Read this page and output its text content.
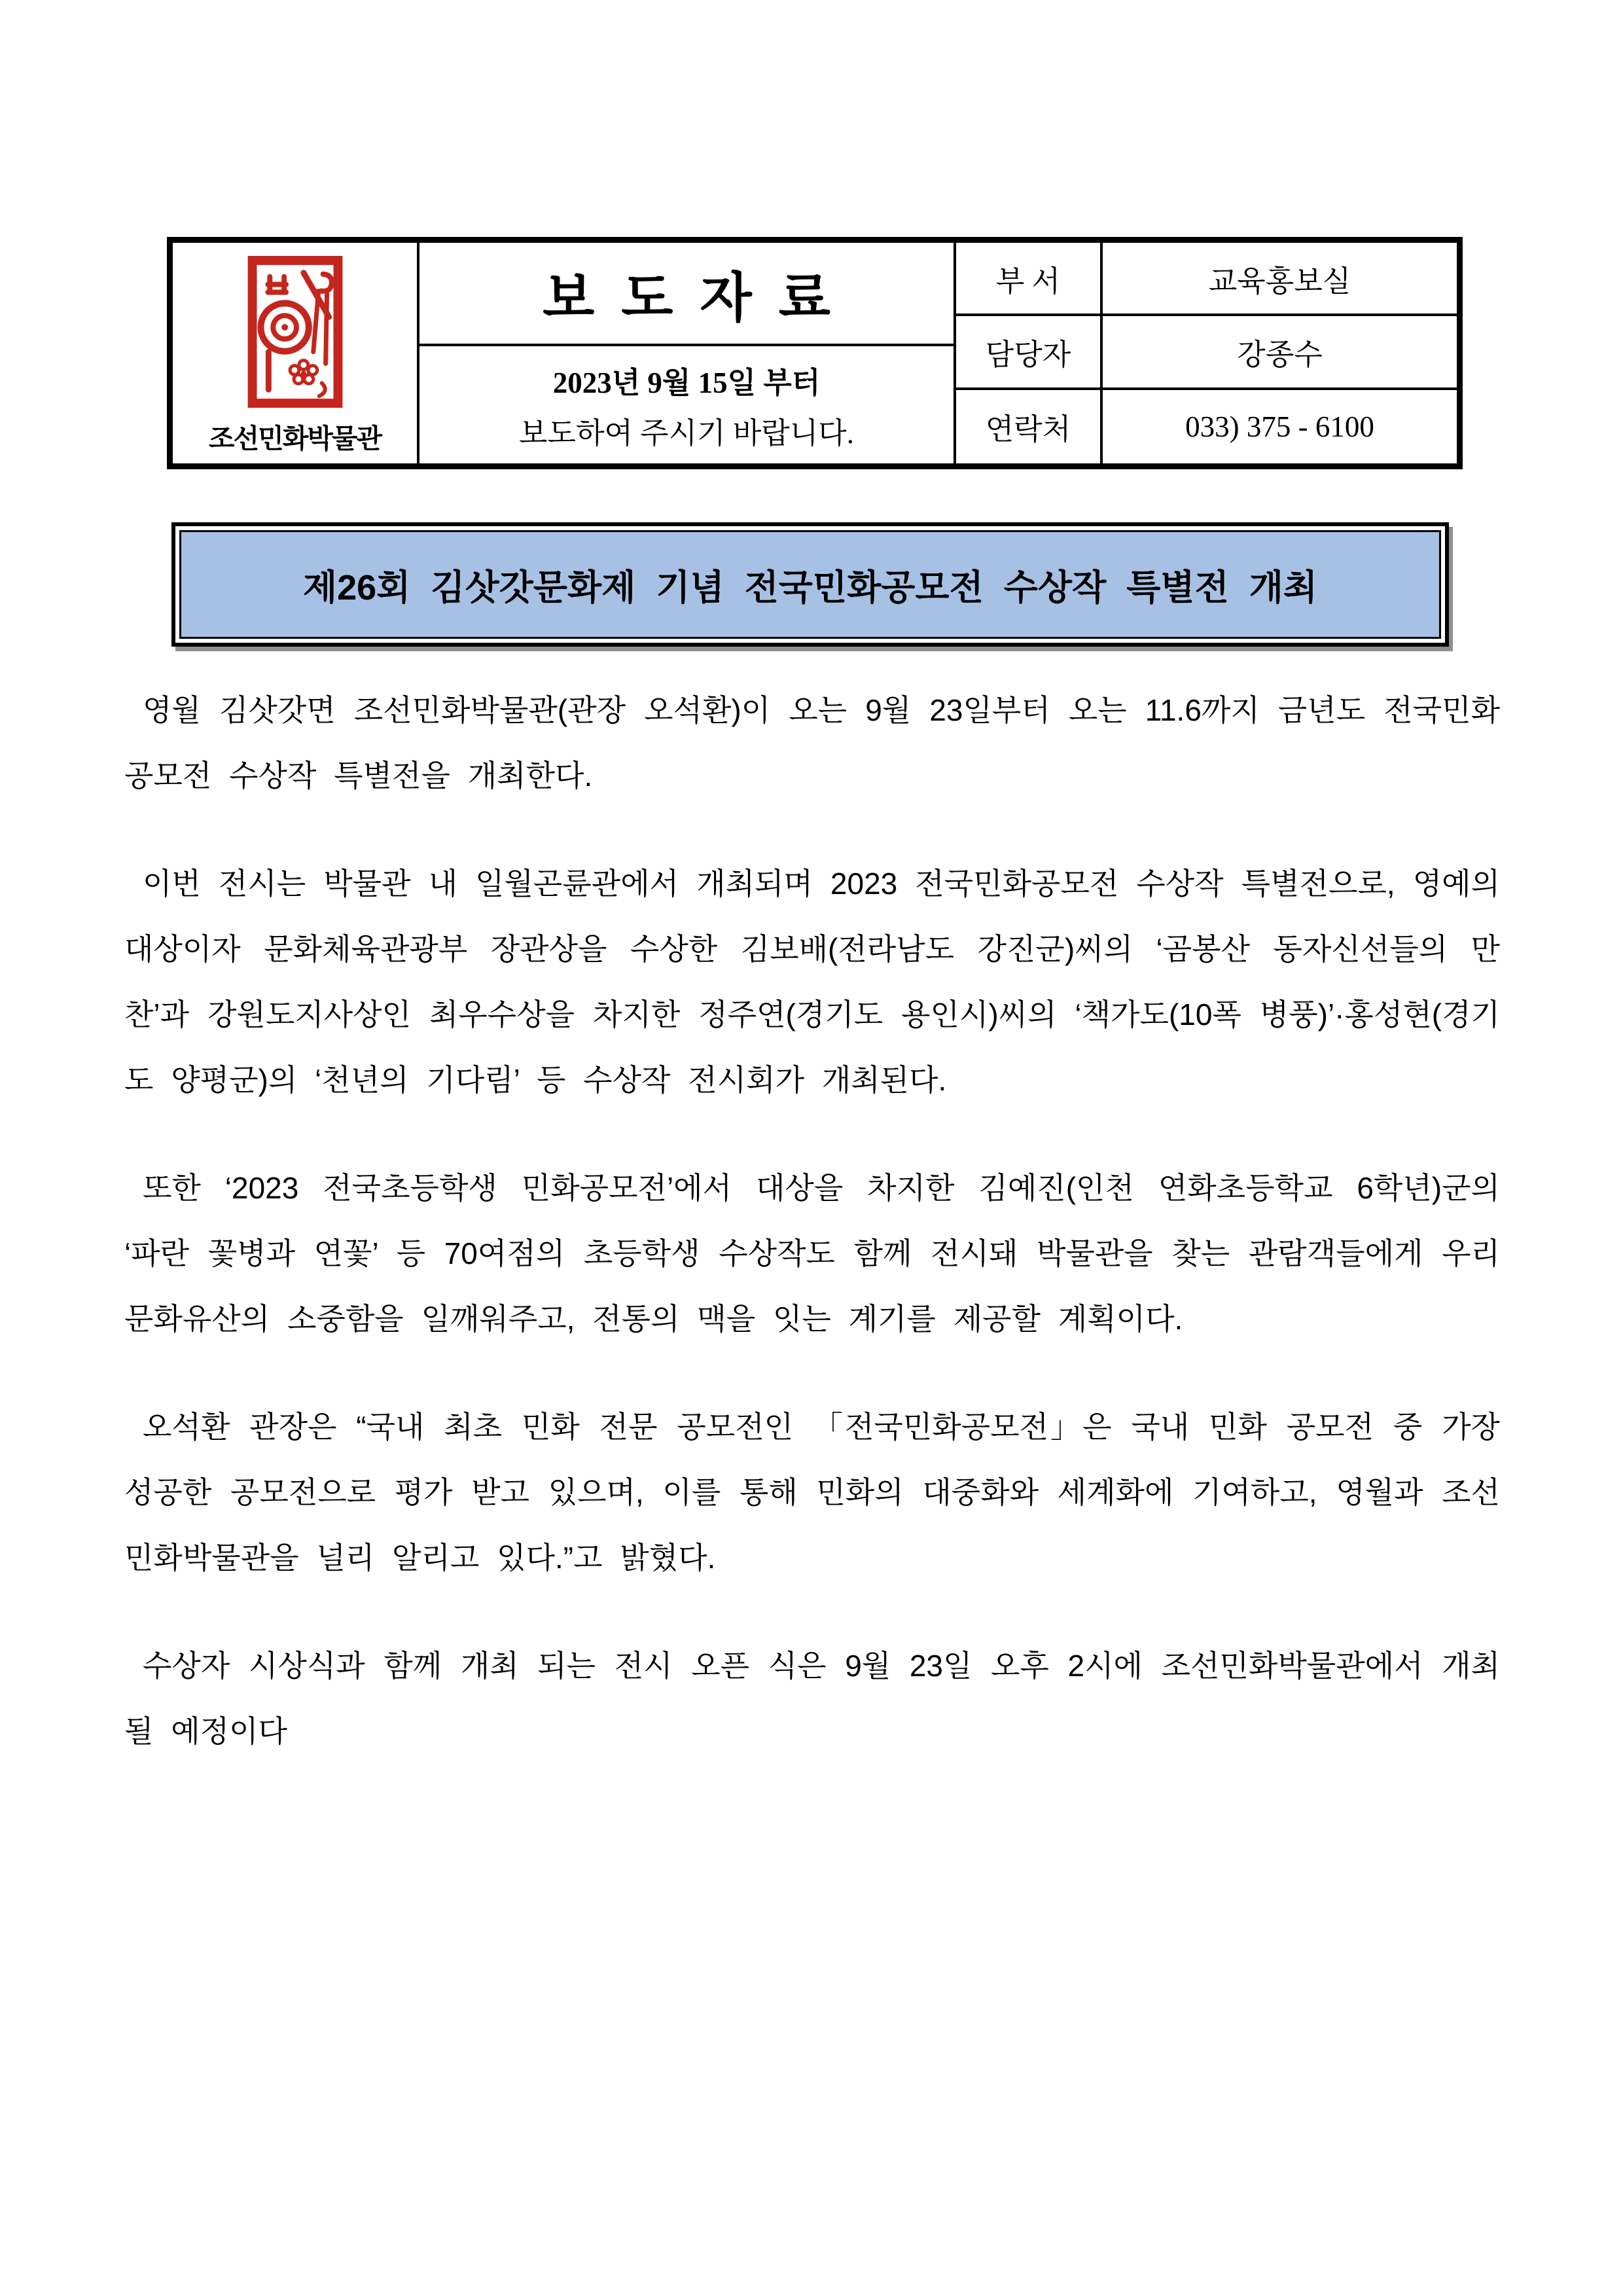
조선민화박물관
보도자료
2023년 9월 15일 부터
보도하여 주시기 바랍니다.
부 서	교육홍보실
담당자	강종수
연락처	033) 375 - 6100
제26회 김삿갓문화제 기념 전국민화공모전 수상작 특별전 개최

영월 김삿갓면 조선민화박물관(관장 오석환)이 오는 9월 23일부터 오는 11.6까지 금년도 전국민화공모전 수상작 특별전을 개최한다.

이번 전시는 박물관 내 일월곤륜관에서 개최되며 2023 전국민화공모전 수상작 특별전으로, 영예의 대상이자 문화체육관광부 장관상을 수상한 김보배(전라남도 강진군)씨의 ‘곰봉산 동자신선들의 만찬’과 강원도지사상인 최우수상을 차지한 정주연(경기도 용인시)씨의 ‘책가도(10폭 병풍)’·홍성현(경기도 양평군)의 ‘천년의 기다림’ 등 수상작 전시회가 개최된다.

또한 ‘2023 전국초등학생 민화공모전’에서 대상을 차지한 김예진(인천 연화초등학교 6학년)군의 ‘파란 꽃병과 연꽃’ 등 70여점의 초등학생 수상작도 함께 전시돼 박물관을 찾는 관람객들에게 우리 문화유산의 소중함을 일깨워주고, 전통의 맥을 잇는 계기를 제공할 계획이다.

오석환 관장은 “국내 최초 민화 전문 공모전인 「전국민화공모전」은 국내 민화 공모전 중 가장 성공한 공모전으로 평가 받고 있으며, 이를 통해 민화의 대중화와 세계화에 기여하고, 영월과 조선민화박물관을 널리 알리고 있다.”고 밝혔다.

수상자 시상식과 함께 개최 되는 전시 오픈 식은 9월 23일 오후 2시에 조선민화박물관에서 개최될 예정이다
